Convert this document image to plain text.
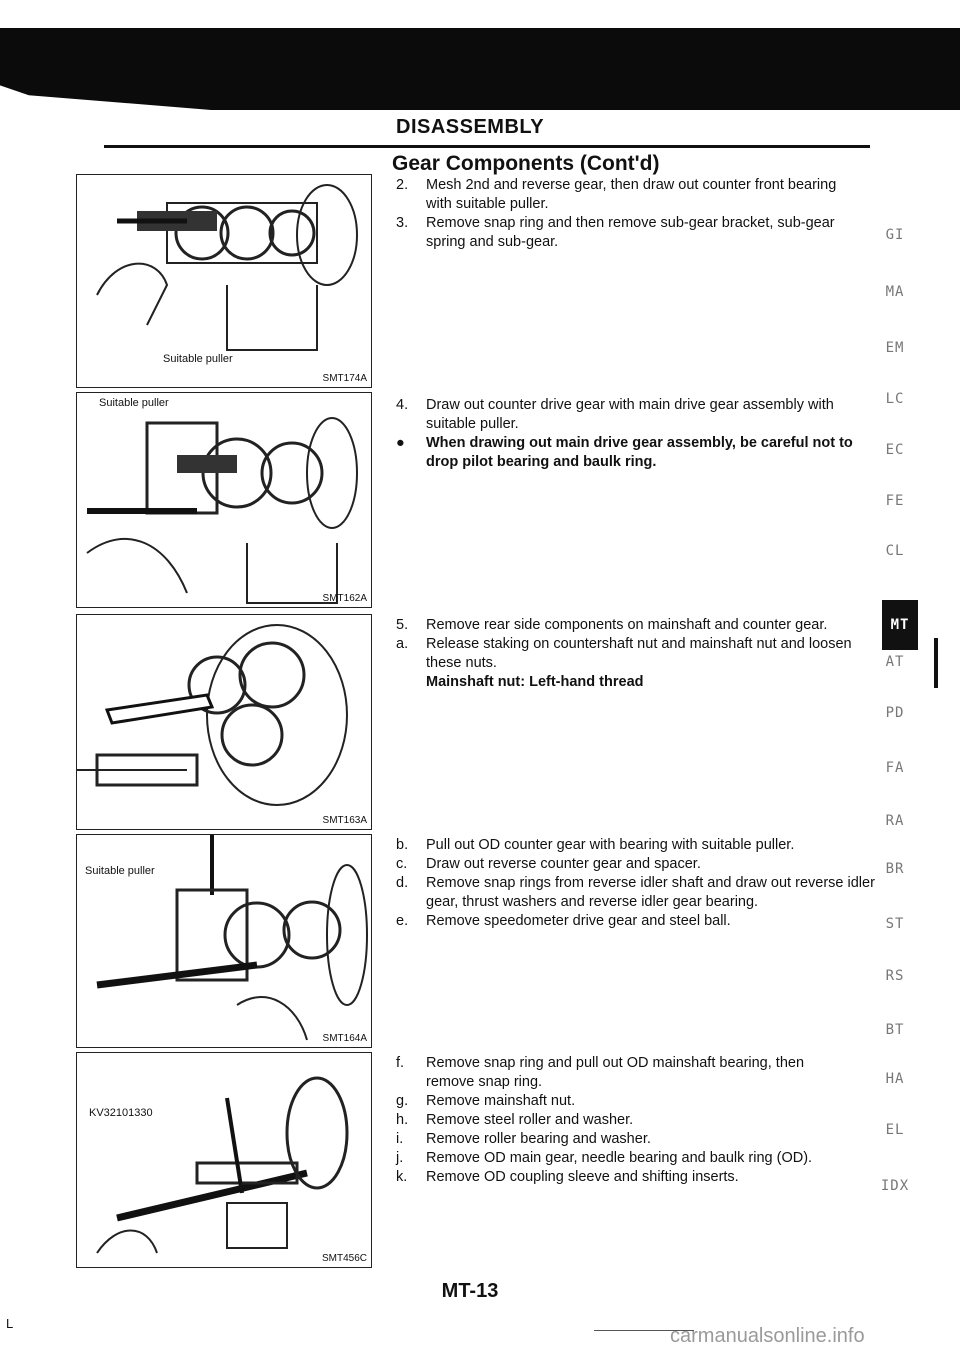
DISASSEMBLY
Gear Components (Cont'd)
Suitable puller
SMT174A
Suitable puller
SMT162A
SMT163A
Suitable puller
SMT164A
KV32101330
SMT456C
2. Mesh 2nd and reverse gear, then draw out counter front bearing with suitable puller.
3. Remove snap ring and then remove sub-gear bracket, sub-gear spring and sub-gear.
4. Draw out counter drive gear with main drive gear assembly with suitable puller.
● When drawing out main drive gear assembly, be careful not to drop pilot bearing and baulk ring.
5. Remove rear side components on mainshaft and counter gear.
a. Release staking on countershaft nut and mainshaft nut and loosen these nuts.
Mainshaft nut: Left-hand thread
b. Pull out OD counter gear with bearing with suitable puller.
c. Draw out reverse counter gear and spacer.
d. Remove snap rings from reverse idler shaft and draw out reverse idler gear, thrust washers and reverse idler gear bearing.
e. Remove speedometer drive gear and steel ball.
f. Remove snap ring and pull out OD mainshaft bearing, then remove snap ring.
g. Remove mainshaft nut.
h. Remove steel roller and washer.
i. Remove roller bearing and washer.
j. Remove OD main gear, needle bearing and baulk ring (OD).
k. Remove OD coupling sleeve and shifting inserts.
GI
MA
EM
LC
EC
FE
CL
MT
AT
PD
FA
RA
BR
ST
RS
BT
HA
EL
IDX
MT-13
carmanualsonline.info
L
